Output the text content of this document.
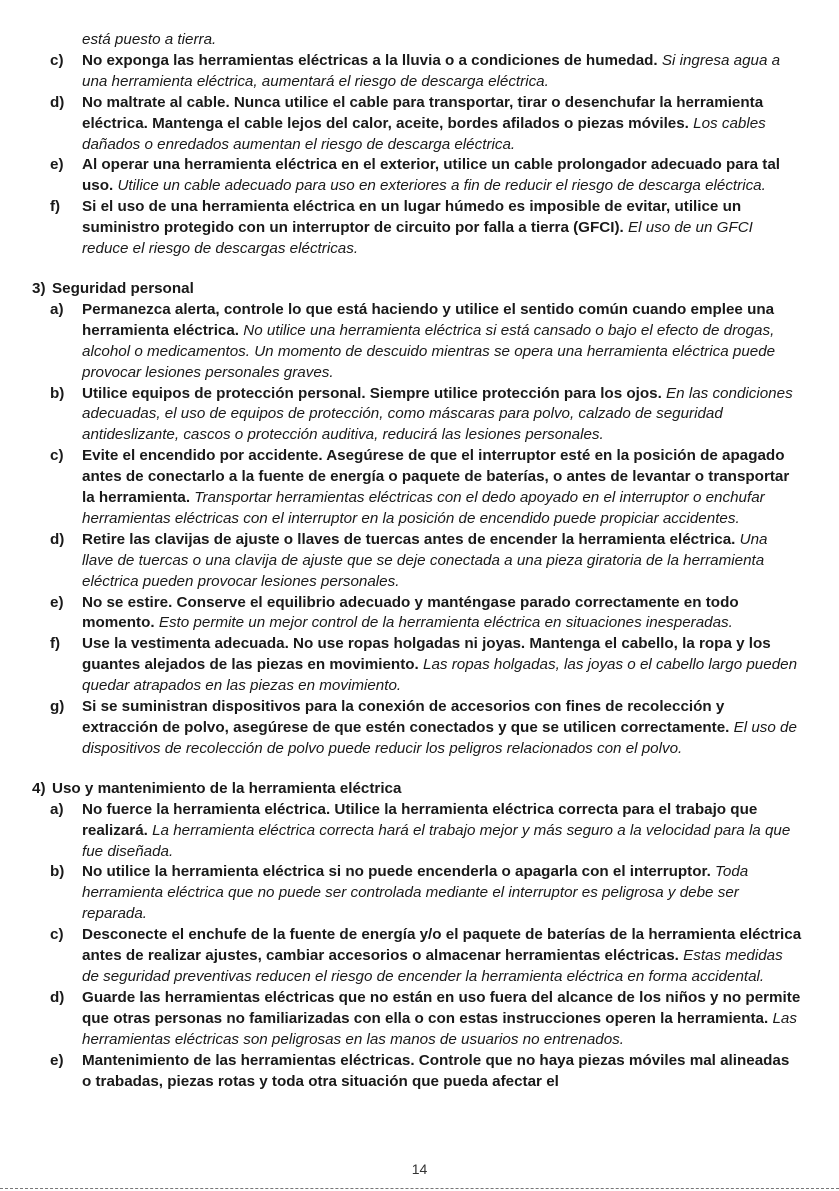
está puesto a tierra.
c)	No exponga las herramientas eléctricas a la lluvia o a condiciones de humedad. Si ingresa agua a una herramienta eléctrica, aumentará el riesgo de descarga eléctrica.
d)	No maltrate al cable. Nunca utilice el cable para transportar, tirar o desenchufar la herramienta eléctrica. Mantenga el cable lejos del calor, aceite, bordes afilados o piezas móviles. Los cables dañados o enredados aumentan el riesgo de descarga eléctrica.
e)	Al operar una herramienta eléctrica en el exterior, utilice un cable prolongador adecuado para tal uso. Utilice un cable adecuado para uso en exteriores a fin de reducir el riesgo de descarga eléctrica.
f)	Si el uso de una herramienta eléctrica en un lugar húmedo es imposible de evitar, utilice un suministro protegido con un interruptor de circuito por falla a tierra (GFCI). El uso de un GFCI reduce el riesgo de descargas eléctricas.
3) Seguridad personal
a)	Permanezca alerta, controle lo que está haciendo y utilice el sentido común cuando emplee una herramienta eléctrica. No utilice una herramienta eléctrica si está cansado o bajo el efecto de drogas, alcohol o medicamentos. Un momento de descuido mientras se opera una herramienta eléctrica puede provocar lesiones personales graves.
b)	Utilice equipos de protección personal. Siempre utilice protección para los ojos. En las condiciones adecuadas, el uso de equipos de protección, como máscaras para polvo, calzado de seguridad antideslizante, cascos o protección auditiva, reducirá las lesiones personales.
c)	Evite el encendido por accidente. Asegúrese de que el interruptor esté en la posición de apagado antes de conectarlo a la fuente de energía o paquete de baterías, o antes de levantar o transportar la herramienta. Transportar herramientas eléctricas con el dedo apoyado en el interruptor o enchufar herramientas eléctricas con el interruptor en la posición de encendido puede propiciar accidentes.
d)	Retire las clavijas de ajuste o llaves de tuercas antes de encender la herramienta eléctrica. Una llave de tuercas o una clavija de ajuste que se deje conectada a una pieza giratoria de la herramienta eléctrica pueden provocar lesiones personales.
e)	No se estire. Conserve el equilibrio adecuado y manténgase parado correctamente en todo momento. Esto permite un mejor control de la herramienta eléctrica en situaciones inesperadas.
f)	Use la vestimenta adecuada. No use ropas holgadas ni joyas. Mantenga el cabello, la ropa y los guantes alejados de las piezas en movimiento. Las ropas holgadas, las joyas o el cabello largo pueden quedar atrapados en las piezas en movimiento.
g)	Si se suministran dispositivos para la conexión de accesorios con fines de recolección y extracción de polvo, asegúrese de que estén conectados y que se utilicen correctamente. El uso de dispositivos de recolección de polvo puede reducir los peligros relacionados con el polvo.
4) Uso y mantenimiento de la herramienta eléctrica
a)	No fuerce la herramienta eléctrica. Utilice la herramienta eléctrica correcta para el trabajo que realizará. La herramienta eléctrica correcta hará el trabajo mejor y más seguro a la velocidad para la que fue diseñada.
b)	No utilice la herramienta eléctrica si no puede encenderla o apagarla con el interruptor. Toda herramienta eléctrica que no puede ser controlada mediante el interruptor es peligrosa y debe ser reparada.
c)	Desconecte el enchufe de la fuente de energía y/o el paquete de baterías de la herramienta eléctrica antes de realizar ajustes, cambiar accesorios o almacenar herramientas eléctricas. Estas medidas de seguridad preventivas reducen el riesgo de encender la herramienta eléctrica en forma accidental.
d)	Guarde las herramientas eléctricas que no están en uso fuera del alcance de los niños y no permite que otras personas no familiarizadas con ella o con estas instrucciones operen la herramienta. Las herramientas eléctricas son peligrosas en las manos de usuarios no entrenados.
e)	Mantenimiento de las herramientas eléctricas. Controle que no haya piezas móviles mal alineadas o trabadas, piezas rotas y toda otra situación que pueda afectar el
14
